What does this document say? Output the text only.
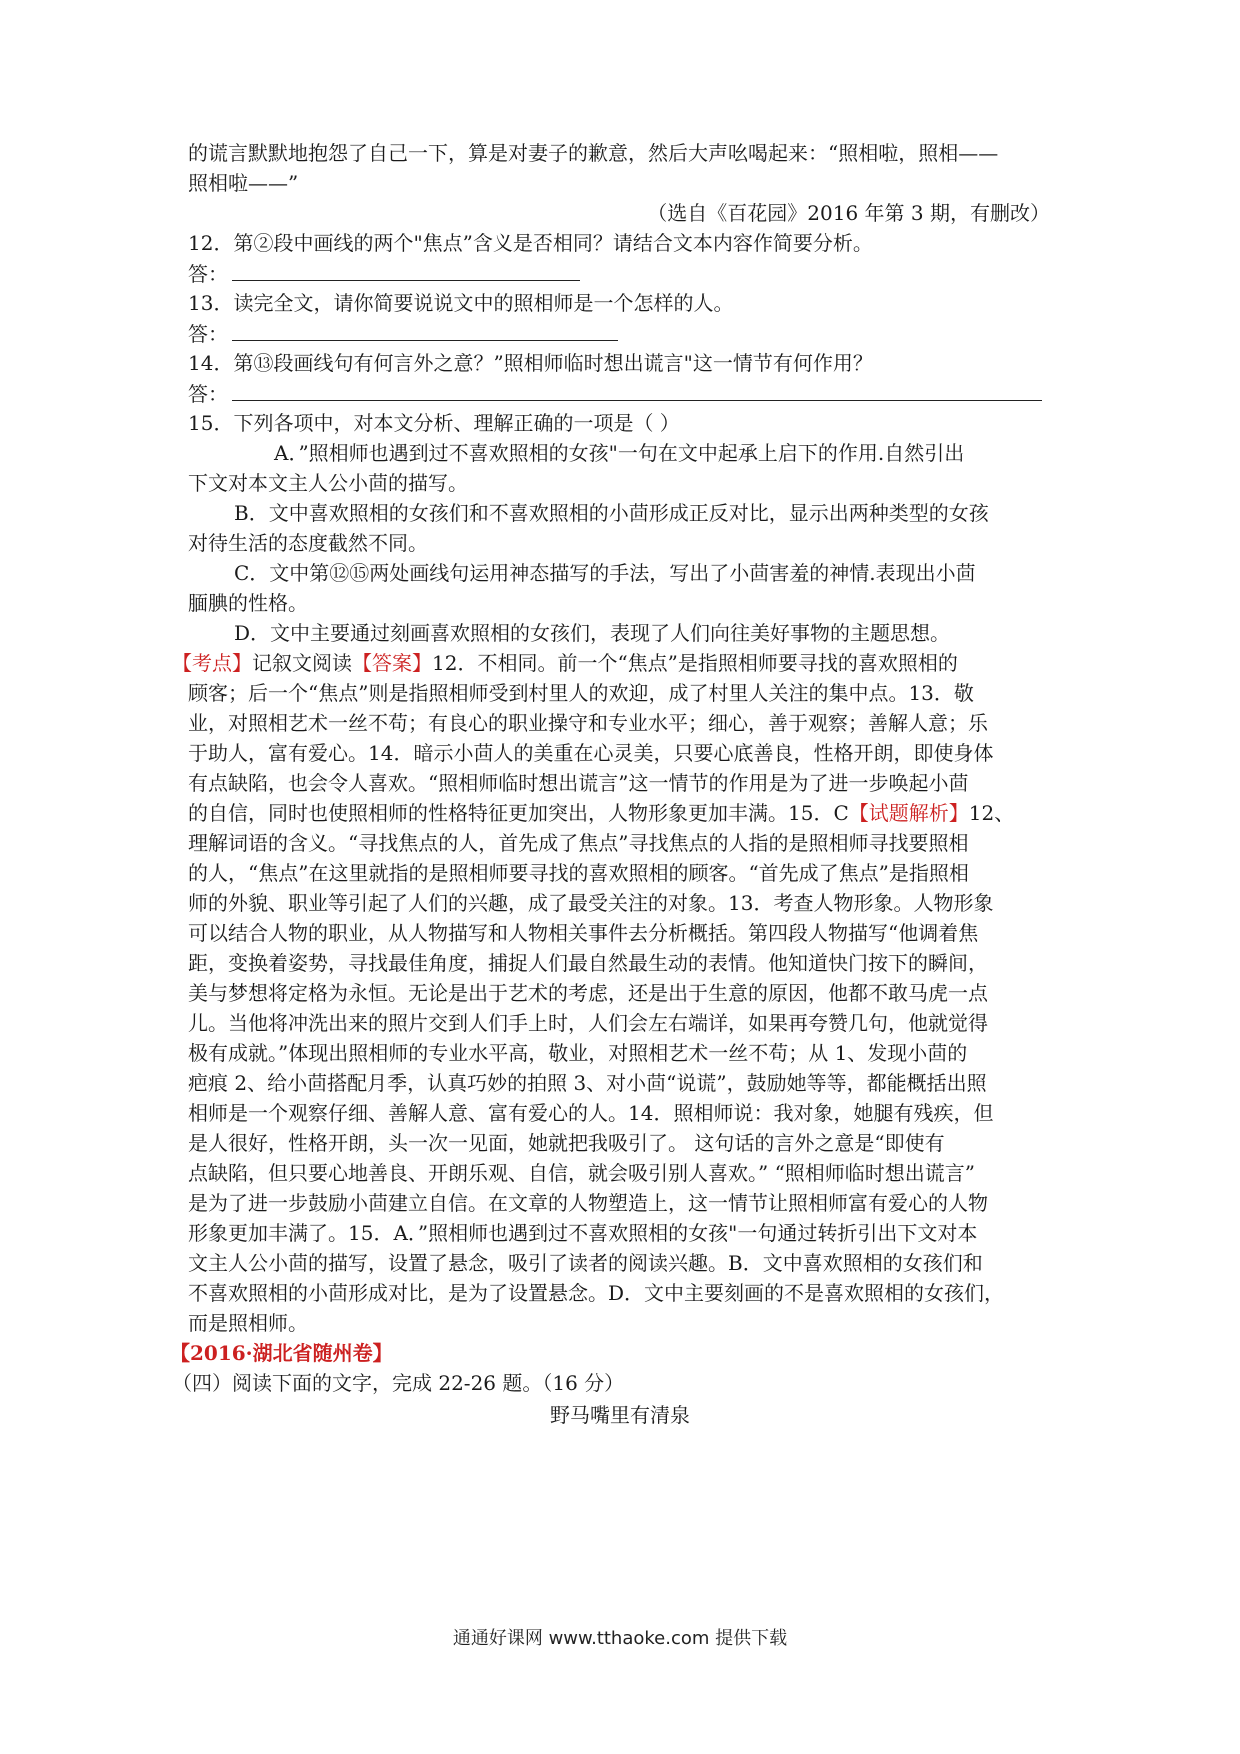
的谎言默默地抱怨了自己一下，算是对妻子的歉意，然后大声吆喝起来：“照相啦，照相——
照相啦——”
（选自《百花园》2016 年第 3 期，有删改）
12．第②段中画线的两个"焦点”含义是否相同？请结合文本内容作简要分析。
答：
13．读完全文，请你简要说说文中的照相师是一个怎样的人。
答：
14．第⑬段画线句有何言外之意？”照相师临时想出谎言"这一情节有何作用？
答：
15．下列各项中，对本文分析、理解正确的一项是（ ）
A．”照相师也遇到过不喜欢照相的女孩"一句在文中起承上启下的作用.自然引出
下文对本文主人公小茴的描写。
B．文中喜欢照相的女孩们和不喜欢照相的小茴形成正反对比，显示出两种类型的女孩
对待生活的态度截然不同。
C．文中第⑫⑮两处画线句运用神态描写的手法，写出了小茴害羞的神情.表现出小茴
腼腆的性格。
D．文中主要通过刻画喜欢照相的女孩们，表现了人们向往美好事物的主题思想。
【考点】记叙文阅读【答案】12．不相同。前一个“焦点”是指照相师要寻找的喜欢照相的
顾客；后一个“焦点”则是指照相师受到村里人的欢迎，成了村里人关注的集中点。13．敬
业，对照相艺术一丝不苟；有良心的职业操守和专业水平；细心，善于观察；善解人意；乐
于助人，富有爱心。14．暗示小茴人的美重在心灵美，只要心底善良，性格开朗，即使身体
有点缺陷，也会令人喜欢。“照相师临时想出谎言”这一情节的作用是为了进一步唤起小茴
的自信，同时也使照相师的性格特征更加突出，人物形象更加丰满。15．C【试题解析】12、
理解词语的含义。“寻找焦点的人，首先成了焦点”寻找焦点的人指的是照相师寻找要照相
的人，“焦点”在这里就指的是照相师要寻找的喜欢照相的顾客。“首先成了焦点”是指照相
师的外貌、职业等引起了人们的兴趣，成了最受关注的对象。13．考查人物形象。人物形象
可以结合人物的职业，从人物描写和人物相关事件去分析概括。第四段人物描写“他调着焦
距，变换着姿势，寻找最佳角度，捕捉人们最自然最生动的表情。他知道快门按下的瞬间，
美与梦想将定格为永恒。无论是出于艺术的考虑，还是出于生意的原因，他都不敢马虎一点
儿。当他将冲洗出来的照片交到人们手上时，人们会左右端详，如果再夸赞几句，他就觉得
极有成就。”体现出照相师的专业水平高，敬业，对照相艺术一丝不苟；从 1、发现小茴的
疤痕 2、给小茴搭配月季，认真巧妙的拍照 3、对小茴“说谎”，鼓励她等等，都能概括出照
相师是一个观察仔细、善解人意、富有爱心的人。14．照相师说：我对象，她腿有残疾，但
是人很好，性格开朗，头一次一见面，她就把我吸引了。 这句话的言外之意是“即使有
点缺陷，但只要心地善良、开朗乐观、自信，就会吸引别人喜欢。” “照相师临时想出谎言”
是为了进一步鼓励小茴建立自信。在文章的人物塑造上，这一情节让照相师富有爱心的人物
形象更加丰满了。15．A．”照相师也遇到过不喜欢照相的女孩"一句通过转折引出下文对本
文主人公小茴的描写，设置了悬念，吸引了读者的阅读兴趣。B．文中喜欢照相的女孩们和
不喜欢照相的小茴形成对比，是为了设置悬念。D．文中主要刻画的不是喜欢照相的女孩们，
而是照相师。
【2016·湖北省随州卷】
（四）阅读下面的文字，完成 22-26 题。（16 分）
野马嘴里有清泉
通通好课网 www.tthaoke.com 提供下载
